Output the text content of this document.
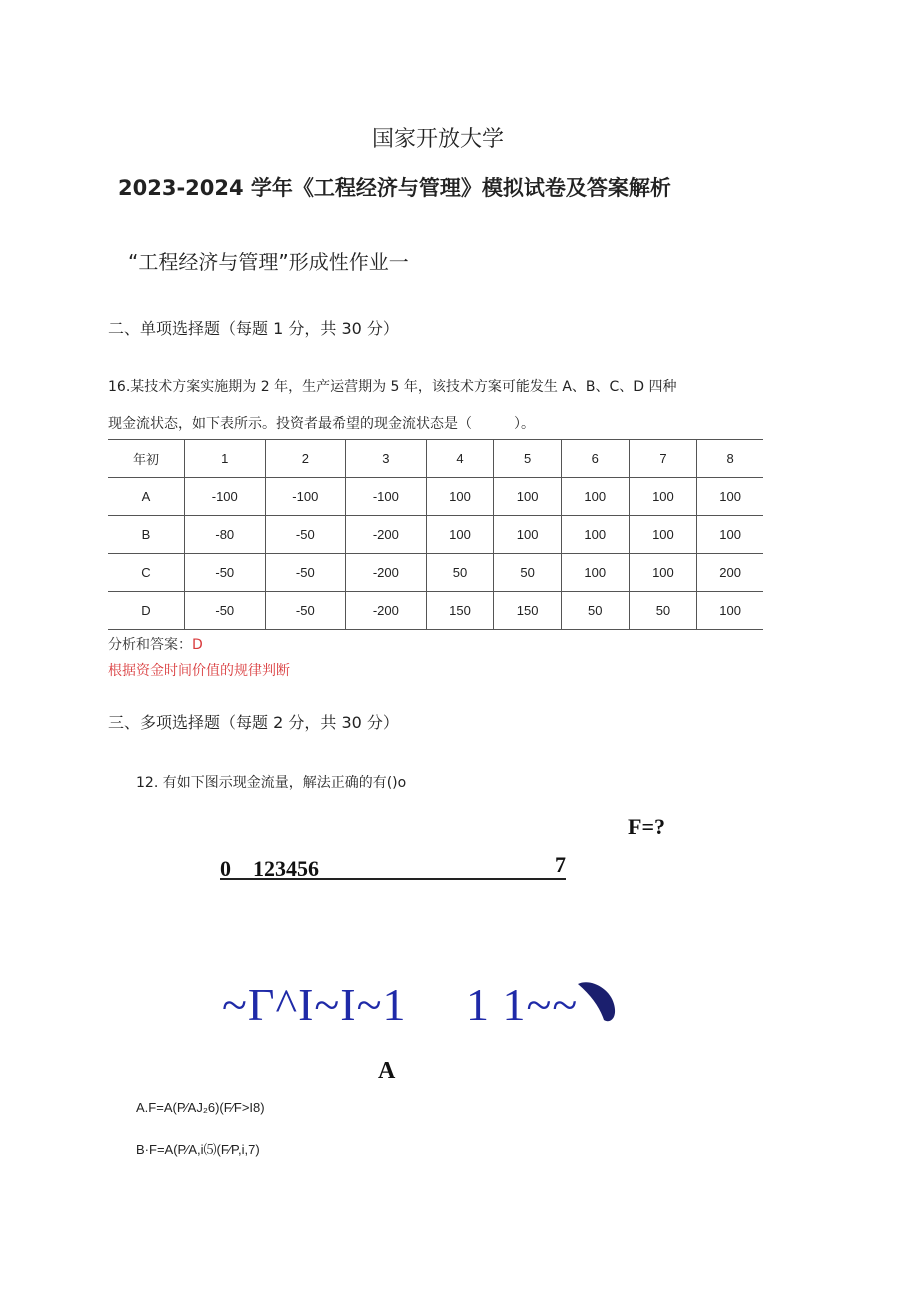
国家开放大学
2023-2024 学年《工程经济与管理》模拟试卷及答案解析
“工程经济与管理”形成性作业一
二、单项选择题（每题 1 分，共 30 分）
16.某技术方案实施期为 2 年，生产运营期为 5 年，该技术方案可能发生 A、B、C、D 四种
现金流状态，如下表所示。投资者最希望的现金流状态是（　　　）。
年初	1	2	3	4	5	6	7	8
A	-100	-100	-100	100	100	100	100	100
B	-80	-50	-200	100	100	100	100	100
C	-50	-50	-200	50	50	100	100	200
D	-50	-50	-200	150	150	50	50	100
分析和答案：D
根据资金时间价值的规律判断
三、多项选择题（每题 2 分，共 30 分）
12. 有如下图示现金流量，解法正确的有()o
F=?
0　123456	7
~Γ^I~I~1　 1 1~~
A
A.F=A(P∕AJ₂6)(F∕F>I8)
B·F=A(P∕A,i⑸(F∕P,i,7)
